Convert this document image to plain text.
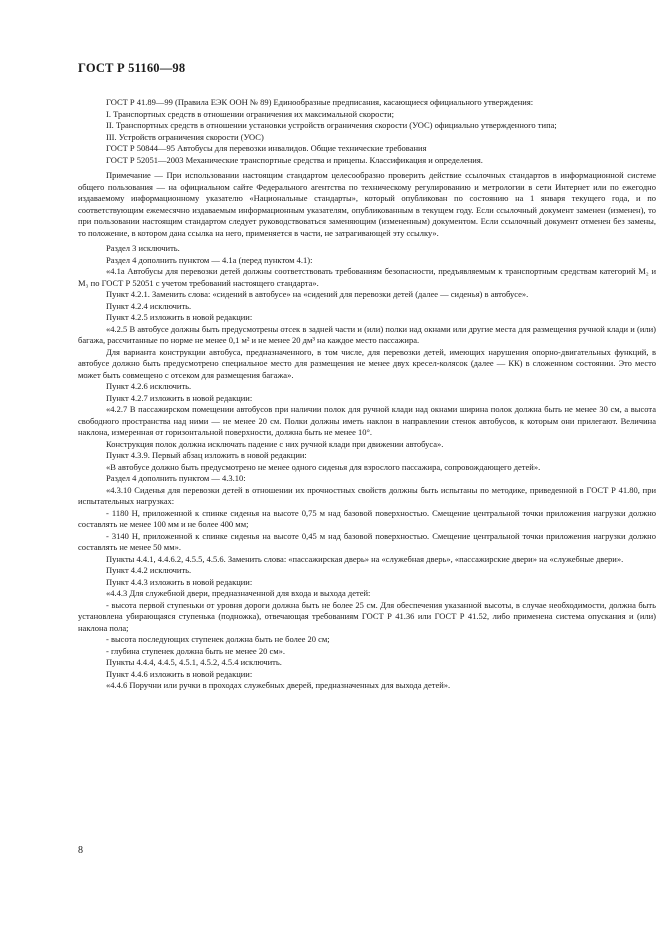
ГОСТ Р 51160—98

ГОСТ Р 41.89—99 (Правила ЕЭК ООН № 89) Единообразные предписания, касающиеся официального утверждения:

I. Транспортных средств в отношении ограничения их максимальной скорости;

II. Транспортных средств в отношении установки устройств ограничения скорости (УОС) официально утвержденного типа;

III. Устройств ограничения скорости (УОС)

ГОСТ Р 50844—95 Автобусы для перевозки инвалидов. Общие технические требования

ГОСТ Р 52051—2003 Механические транспортные средства и прицепы. Классификация и определения.

Примечание — При использовании настоящим стандартом целесообразно проверить действие ссылочных стандартов в информационной системе общего пользования — на официальном сайте Федерального агентства по техническому регулированию и метрологии в сети Интернет или по ежегодно издаваемому информационному указателю «Национальные стандарты», который опубликован по состоянию на 1 января текущего года, и по соответствующим ежемесячно издаваемым информационным указателям, опубликованным в текущем году. Если ссылочный документ заменен (изменен), то при пользовании настоящим стандартом следует руководствоваться заменяющим (измененным) документом. Если ссылочный документ отменен без замены, то положение, в котором дана ссылка на него, применяется в части, не затрагивающей эту ссылку».

Раздел 3 исключить.

Раздел 4 дополнить пунктом — 4.1а (перед пунктом 4.1):

«4.1а Автобусы для перевозки детей должны соответствовать требованиям безопасности, предъявляемым к транспортным средствам категорий M₂ и M₃ по ГОСТ Р 52051 с учетом требований настоящего стандарта».

Пункт 4.2.1. Заменить слова: «сидений в автобусе» на «сидений для перевозки детей (далее — сиденья) в автобусе».

Пункт 4.2.4 исключить.

Пункт 4.2.5 изложить в новой редакции:

«4.2.5 В автобусе должны быть предусмотрены отсек в задней части и (или) полки над окнами или другие места для размещения ручной клади и (или) багажа, рассчитанные по норме не менее 0,1 м² и не менее 20 дм³ на каждое место пассажира.

Для варианта конструкции автобуса, предназначенного, в том числе, для перевозки детей, имеющих нарушения опорно-двигательных функций, в автобусе должно быть предусмотрено специальное место для размещения не менее двух кресел-колясок (далее — КК) в сложенном состоянии. Это место может быть совмещено с отсеком для размещения багажа».

Пункт 4.2.6 исключить.

Пункт 4.2.7 изложить в новой редакции:

«4.2.7 В пассажирском помещении автобусов при наличии полок для ручной клади над окнами ширина полок должна быть не менее 30 см, а высота свободного пространства над ними — не менее 20 см. Полки должны иметь наклон в направлении стенок автобусов, к которым они прилегают. Величина наклона, измеренная от горизонтальной поверхности, должна быть не менее 10°.

Конструкция полок должна исключать падение с них ручной клади при движении автобуса».

Пункт 4.3.9. Первый абзац изложить в новой редакции:

«В автобусе должно быть предусмотрено не менее одного сиденья для взрослого пассажира, сопровождающего детей».

Раздел 4 дополнить пунктом — 4.3.10:

«4.3.10 Сиденья для перевозки детей в отношении их прочностных свойств должны быть испытаны по методике, приведенной в ГОСТ Р 41.80, при испытательных нагрузках:

- 1180 Н, приложенной к спинке сиденья на высоте 0,75 м над базовой поверхностью. Смещение центральной точки приложения нагрузки должно составлять не менее 100 мм и не более 400 мм;

- 3140 Н, приложенной к спинке сиденья на высоте 0,45 м над базовой поверхностью. Смещение центральной точки приложения нагрузки должно составлять не менее 50 мм».

Пункты 4.4.1, 4.4.6.2, 4.5.5, 4.5.6. Заменить слова: «пассажирская дверь» на «служебная дверь», «пассажирские двери» на «служебные двери».

Пункт 4.4.2 исключить.

Пункт 4.4.3 изложить в новой редакции:

«4.4.3 Для служебной двери, предназначенной для входа и выхода детей:

- высота первой ступеньки от уровня дороги должна быть не более 25 см. Для обеспечения указанной высоты, в случае необходимости, должна быть установлена убирающаяся ступенька (подножка), отвечающая требованиям ГОСТ Р 41.36 или ГОСТ Р 41.52, либо применена система опускания и (или) наклона пола;

- высота последующих ступенек должна быть не более 20 см;

- глубина ступенек должна быть не менее 20 см».

Пункты 4.4.4, 4.4.5, 4.5.1, 4.5.2, 4.5.4 исключить.

Пункт 4.4.6 изложить в новой редакции:

«4.4.6 Поручни или ручки в проходах служебных дверей, предназначенных для выхода детей».

8
